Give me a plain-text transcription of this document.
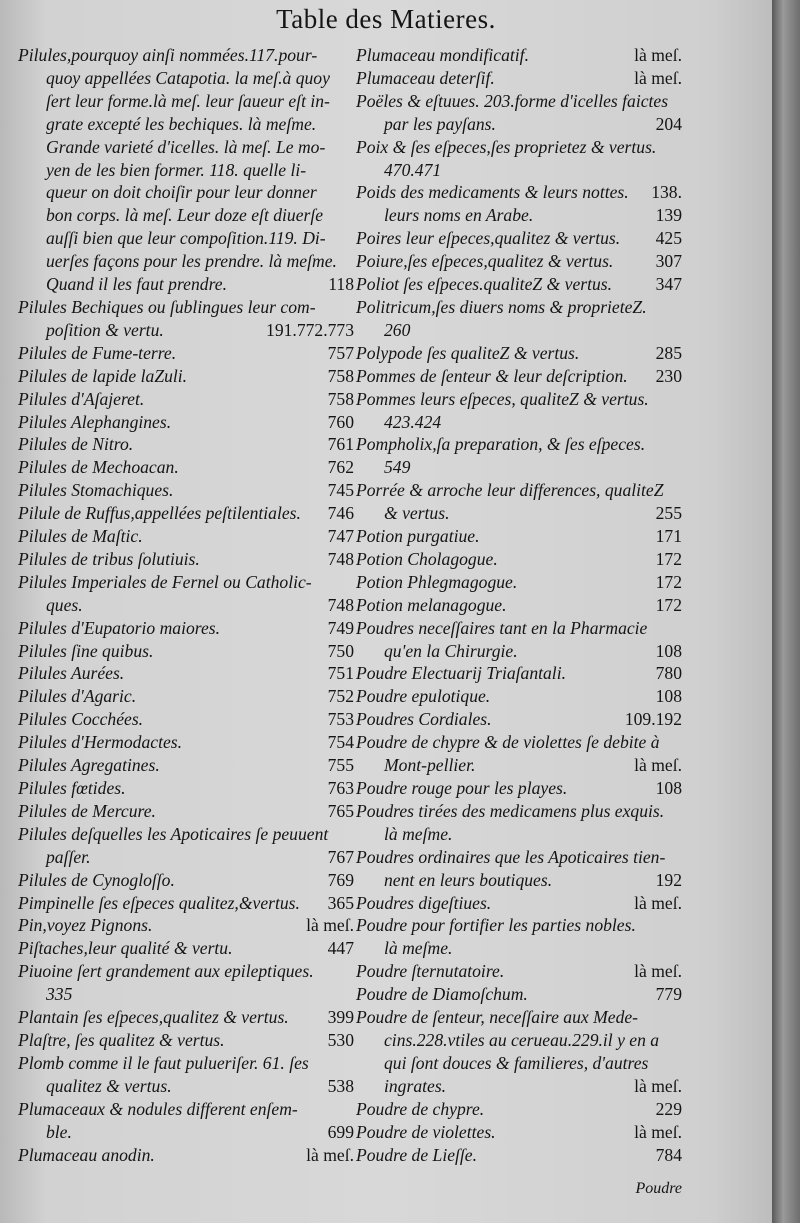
Table des Matieres.
Pilules,pourquoy ainſi nommées.117.pour-
quoy appellées Catapotia. la meſ.à quoy
ſert leur forme.là meſ. leur ſaueur eſt in-
grate excepté les bechiques. là meſme.
Grande varieté d'icelles. là meſ. Le mo-
yen de les bien former. 118. quelle li-
queur on doit choiſir pour leur donner
bon corps. là meſ. Leur doze eſt diuerſe
auſſi bien que leur compoſition.119. Di-
uerſes façons pour les prendre. là meſme.
118
Quand il les faut prendre.
Pilules Bechiques ou ſublingues leur com-
191.772.773
poſition & vertu.
757
Pilules de Fume-terre.
758
Pilules de lapide laZuli.
758
Pilules d'Aſajeret.
760
Pilules Alephangines.
761
Pilules de Nitro.
762
Pilules de Mechoacan.
745
Pilules Stomachiques.
746
Pilule de Ruffus,appellées peſtilentiales.
747
Pilules de Maſtic.
748
Pilules de tribus ſolutiuis.
Pilules Imperiales de Fernel ou Catholic-
748
ques.
749
Pilules d'Eupatorio maiores.
750
Pilules ſine quibus.
751
Pilules Aurées.
752
Pilules d'Agaric.
753
Pilules Cocchées.
754
Pilules d'Hermodactes.
755
Pilules Agregatines.
763
Pilules fœtides.
765
Pilules de Mercure.
Pilules deſquelles les Apoticaires ſe peuuent
767
paſſer.
769
Pilules de Cynogloſſo.
365
Pimpinelle ſes eſpeces qualitez,&vertus.
là meſ.
Pin,voyez Pignons.
447
Piſtaches,leur qualité & vertu.
Piuoine ſert grandement aux epileptiques.
335
399
Plantain ſes eſpeces,qualitez & vertus.
530
Plaſtre, ſes qualitez & vertus.
Plomb comme il le faut pulueriſer. 61. ſes
538
qualitez & vertus.
Plumaceaux & nodules different enſem-
699
ble.
là meſ.
Plumaceau anodin.
là meſ.
Plumaceau mondificatif.
là meſ.
Plumaceau deterſif.
Poëles & eſtuues. 203.forme d'icelles faictes
204
par les payſans.
Poix & ſes eſpeces,ſes proprietez & vertus.
470.471
138.
Poids des medicaments & leurs nottes.
139
leurs noms en Arabe.
425
Poires leur eſpeces,qualitez & vertus.
307
Poiure,ſes eſpeces,qualitez & vertus.
347
Poliot ſes eſpeces.qualiteZ & vertus.
Politricum,ſes diuers noms & proprieteZ.
260
285
Polypode ſes qualiteZ & vertus.
230
Pommes de ſenteur & leur deſcription.
Pommes leurs eſpeces, qualiteZ & vertus.
423.424
Pompholix,ſa preparation, & ſes eſpeces.
549
Porrée & arroche leur differences, qualiteZ
255
& vertus.
171
Potion purgatiue.
172
Potion Cholagogue.
172
Potion Phlegmagogue.
172
Potion melanagogue.
Poudres neceſſaires tant en la Pharmacie
108
qu'en la Chirurgie.
780
Poudre Electuarij Triaſantali.
108
Poudre epulotique.
109.192
Poudres Cordiales.
Poudre de chypre & de violettes ſe debite à
là meſ.
Mont-pellier.
108
Poudre rouge pour les playes.
Poudres tirées des medicamens plus exquis.
là meſme.
Poudres ordinaires que les Apoticaires tien-
192
nent en leurs boutiques.
là meſ.
Poudres digeſtiues.
Poudre pour fortifier les parties nobles.
là meſme.
là meſ.
Poudre ſternutatoire.
779
Poudre de Diamoſchum.
Poudre de ſenteur, neceſſaire aux Mede-
cins.228.vtiles au cerueau.229.il y en a
qui ſont douces & familieres, d'autres
là meſ.
ingrates.
229
Poudre de chypre.
là meſ.
Poudre de violettes.
784
Poudre de Lieſſe.
Poudre
